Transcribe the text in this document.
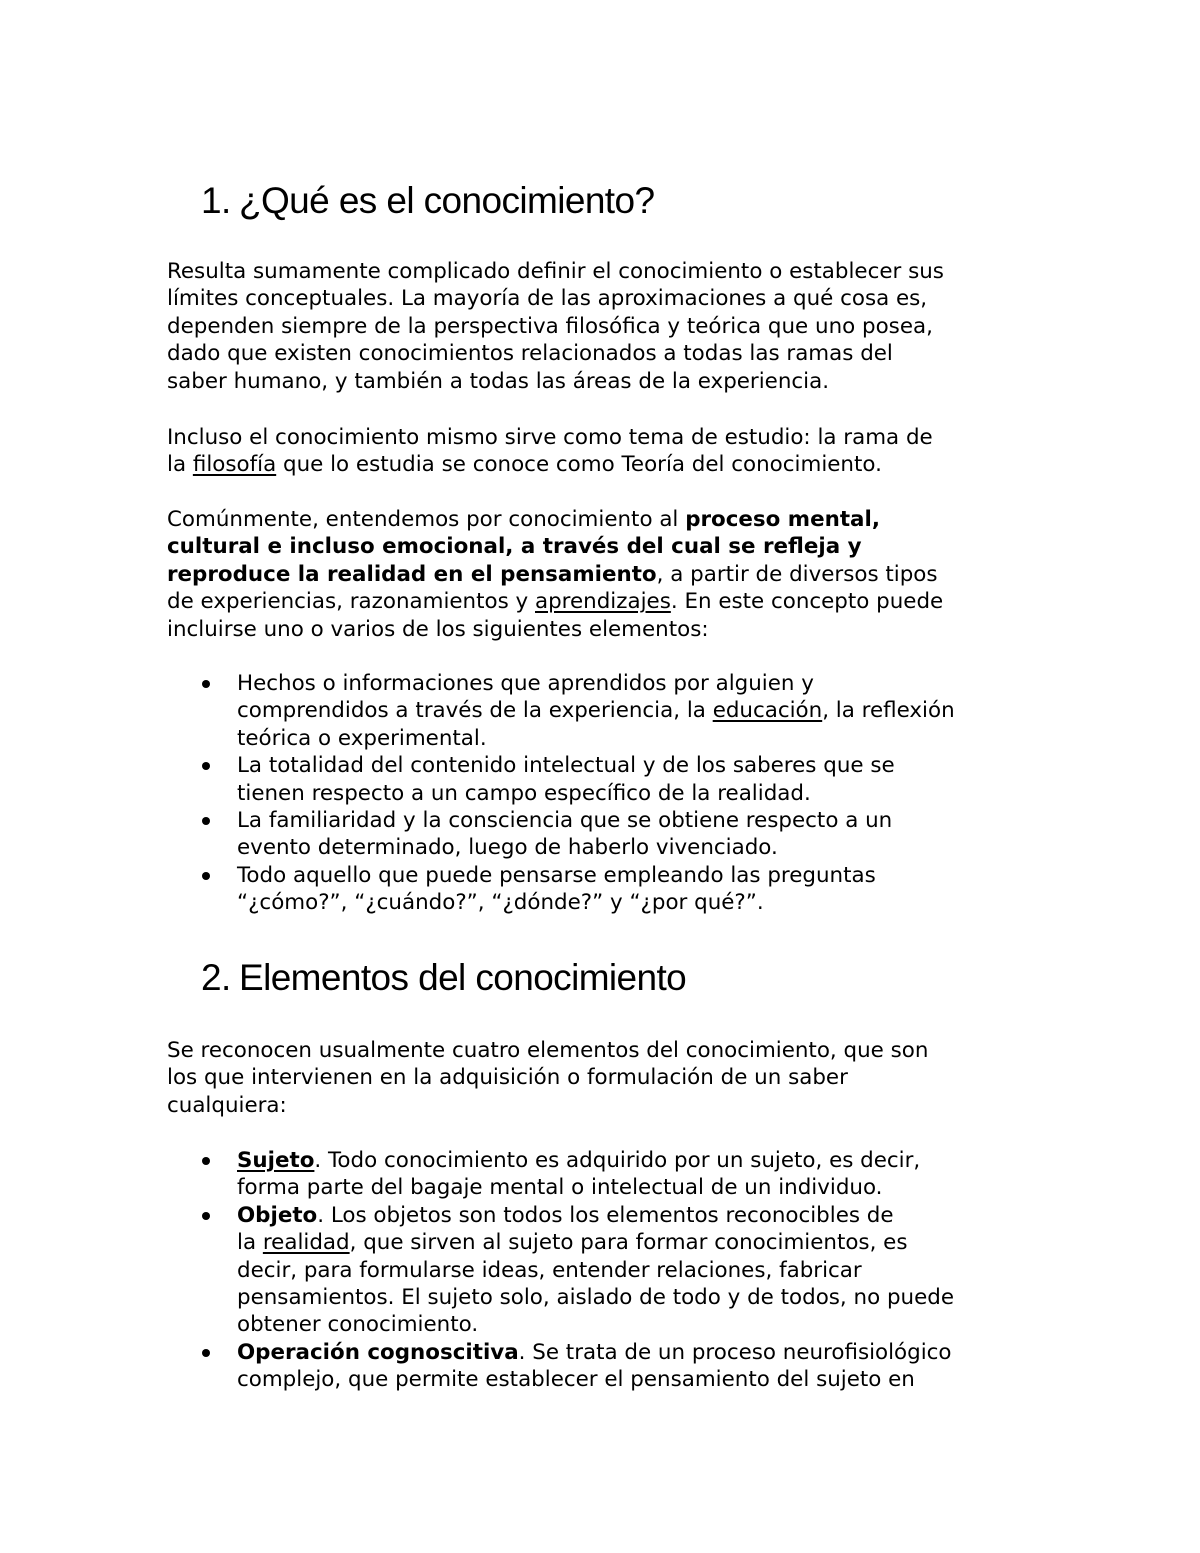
1. ¿Qué es el conocimiento?

Resulta sumamente complicado definir el conocimiento o establecer sus

límites conceptuales. La mayoría de las aproximaciones a qué cosa es,

dependen siempre de la perspectiva filosófica y teórica que uno posea,

dado que existen conocimientos relacionados a todas las ramas del

saber humano, y también a todas las áreas de la experiencia.

Incluso el conocimiento mismo sirve como tema de estudio: la rama de

la filosofía que lo estudia se conoce como Teoría del conocimiento.

Comúnmente, entendemos por conocimiento al proceso mental,

cultural e incluso emocional, a través del cual se refleja y

reproduce la realidad en el pensamiento, a partir de diversos tipos

de experiencias, razonamientos y aprendizajes. En este concepto puede

incluirse uno o varios de los siguientes elementos:

Hechos o informaciones que aprendidos por alguien y
comprendidos a través de la experiencia, la educación, la reflexión
teórica o experimental.
La totalidad del contenido intelectual y de los saberes que se
tienen respecto a un campo específico de la realidad.
La familiaridad y la consciencia que se obtiene respecto a un
evento determinado, luego de haberlo vivenciado.
Todo aquello que puede pensarse empleando las preguntas
“¿cómo?”, “¿cuándo?”, “¿dónde?” y “¿por qué?”.
2. Elementos del conocimiento

Se reconocen usualmente cuatro elementos del conocimiento, que son

los que intervienen en la adquisición o formulación de un saber

cualquiera:

Sujeto. Todo conocimiento es adquirido por un sujeto, es decir,
forma parte del bagaje mental o intelectual de un individuo.
Objeto. Los objetos son todos los elementos reconocibles de
la realidad, que sirven al sujeto para formar conocimientos, es
decir, para formularse ideas, entender relaciones, fabricar
pensamientos. El sujeto solo, aislado de todo y de todos, no puede
obtener conocimiento.
Operación cognoscitiva. Se trata de un proceso neurofisiológico
complejo, que permite establecer el pensamiento del sujeto en
